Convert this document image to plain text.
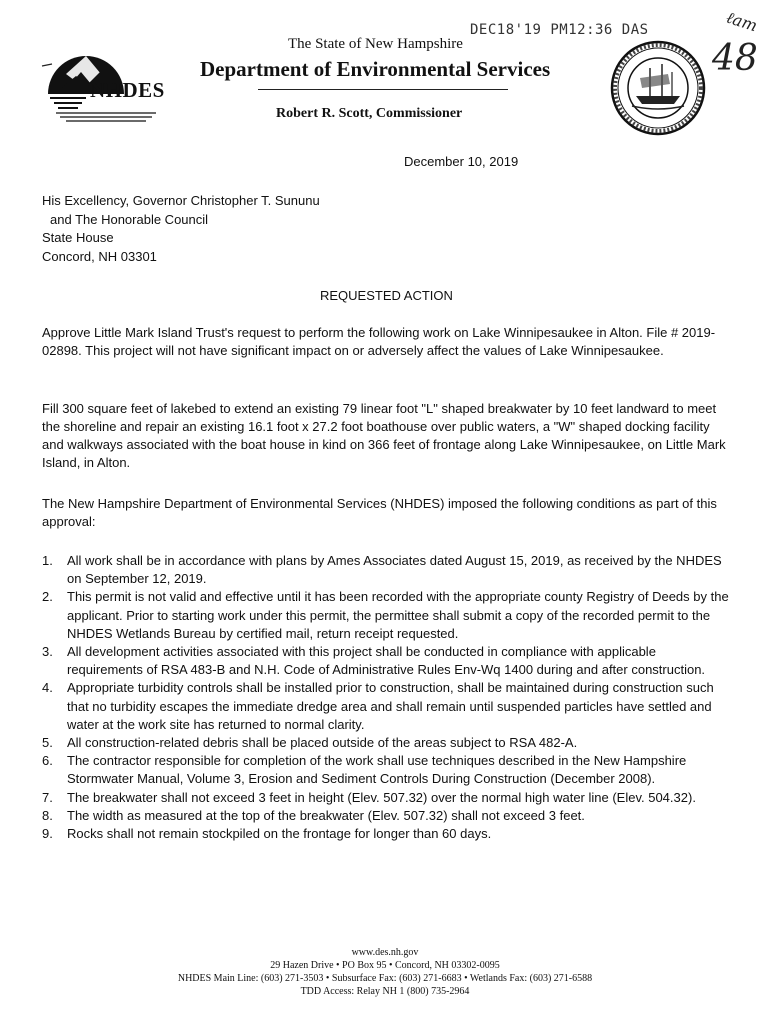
DEC18'19 PM12:36 DAS	ℓam
48
NHDES
The State of New Hampshire
Department of Environmental Services
Robert R. Scott, Commissioner
December 10, 2019
His Excellency, Governor Christopher T. Sununu
and The Honorable Council
State House
Concord, NH 03301
REQUESTED ACTION
Approve Little Mark Island Trust's request to perform the following work on Lake Winnipesaukee in Alton. File # 2019-02898. This project will not have significant impact on or adversely affect the values of Lake Winnipesaukee.
Fill 300 square feet of lakebed to extend an existing 79 linear foot "L" shaped breakwater by 10 feet landward to meet the shoreline and repair an existing 16.1 foot x 27.2 foot boathouse over public waters, a "W" shaped docking facility and walkways associated with the boat house in kind on 366 feet of frontage along Lake Winnipesaukee, on Little Mark Island, in Alton.
The New Hampshire Department of Environmental Services (NHDES) imposed the following conditions as part of this approval:
1. All work shall be in accordance with plans by Ames Associates dated August 15, 2019, as received by the NHDES on September 12, 2019.
2. This permit is not valid and effective until it has been recorded with the appropriate county Registry of Deeds by the applicant. Prior to starting work under this permit, the permittee shall submit a copy of the recorded permit to the NHDES Wetlands Bureau by certified mail, return receipt requested.
3. All development activities associated with this project shall be conducted in compliance with applicable requirements of RSA 483-B and N.H. Code of Administrative Rules Env-Wq 1400 during and after construction.
4. Appropriate turbidity controls shall be installed prior to construction, shall be maintained during construction such that no turbidity escapes the immediate dredge area and shall remain until suspended particles have settled and water at the work site has returned to normal clarity.
5. All construction-related debris shall be placed outside of the areas subject to RSA 482-A.
6. The contractor responsible for completion of the work shall use techniques described in the New Hampshire Stormwater Manual, Volume 3, Erosion and Sediment Controls During Construction (December 2008).
7. The breakwater shall not exceed 3 feet in height (Elev. 507.32) over the normal high water line (Elev. 504.32).
8. The width as measured at the top of the breakwater (Elev. 507.32) shall not exceed 3 feet.
9. Rocks shall not remain stockpiled on the frontage for longer than 60 days.
www.des.nh.gov
29 Hazen Drive • PO Box 95 • Concord, NH 03302-0095
NHDES Main Line: (603) 271-3503 • Subsurface Fax: (603) 271-6683 • Wetlands Fax: (603) 271-6588
TDD Access: Relay NH 1 (800) 735-2964
